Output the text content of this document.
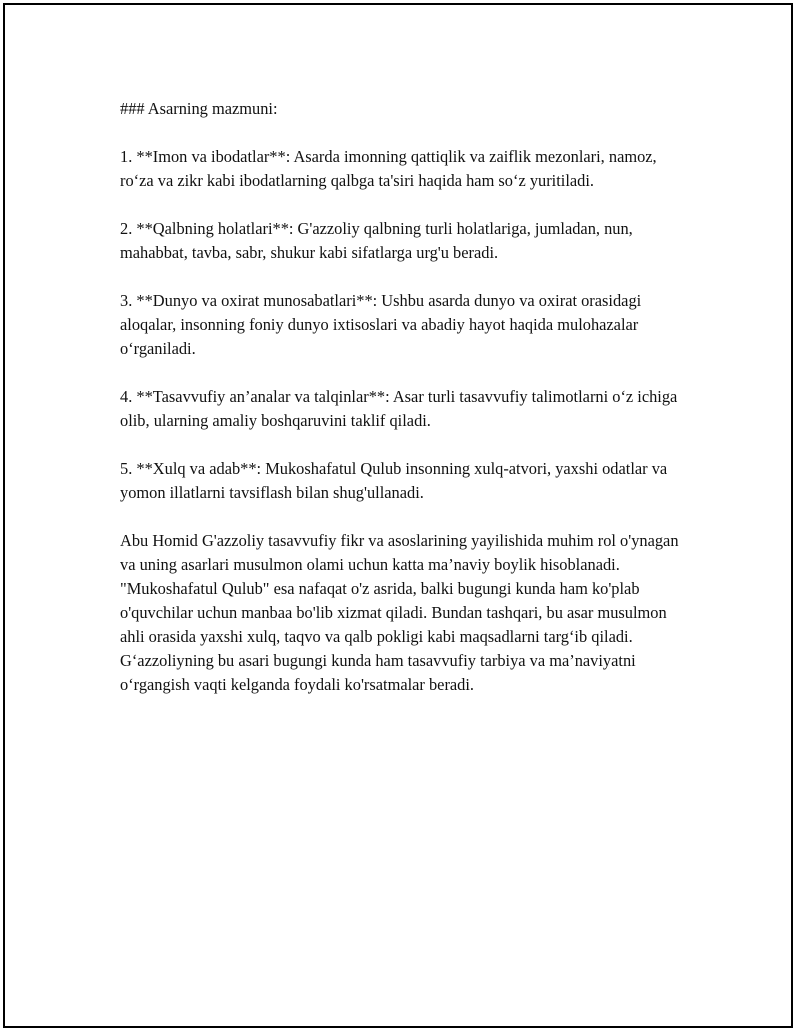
### Asarning mazmuni:

1. **Imon va ibodatlar**: Asarda imonning qattiqlik va zaiflik mezonlari, namoz, ro‘za va zikr kabi ibodatlarning qalbga ta'siri haqida ham so‘z yuritiladi.

2. **Qalbning holatlari**: G'azzoliy qalbning turli holatlariga, jumladan, nun, mahabbat, tavba, sabr, shukur kabi sifatlarga urg'u beradi.

3. **Dunyo va oxirat munosabatlari**: Ushbu asarda dunyo va oxirat orasidagi aloqalar, insonning foniy dunyo ixtisoslari va abadiy hayot haqida mulohazalar o‘rganiladi.

4. **Tasavvufiy an’analar va talqinlar**: Asar turli tasavvufiy talimotlarni o‘z ichiga olib, ularning amaliy boshqaruvini taklif qiladi.

5. **Xulq va adab**: Mukoshafatul Qulub insonning xulq-atvori, yaxshi odatlar va yomon illatlarni tavsiflash bilan shug'ullanadi.

Abu Homid G'azzoliy tasavvufiy fikr va asoslarining yayilishida muhim rol o'ynagan va uning asarlari musulmon olami uchun katta ma’naviy boylik hisoblanadi. "Mukoshafatul Qulub" esa nafaqat o'z asrida, balki bugungi kunda ham ko'plab o'quvchilar uchun manbaa bo'lib xizmat qiladi. Bundan tashqari, bu asar musulmon ahli orasida yaxshi xulq, taqvo va qalb pokligi kabi maqsadlarni targ‘ib qiladi. G‘azzoliyning bu asari bugungi kunda ham tasavvufiy tarbiya va ma’naviyatni o‘rgangish vaqti kelganda foydali ko'rsatmalar beradi.
